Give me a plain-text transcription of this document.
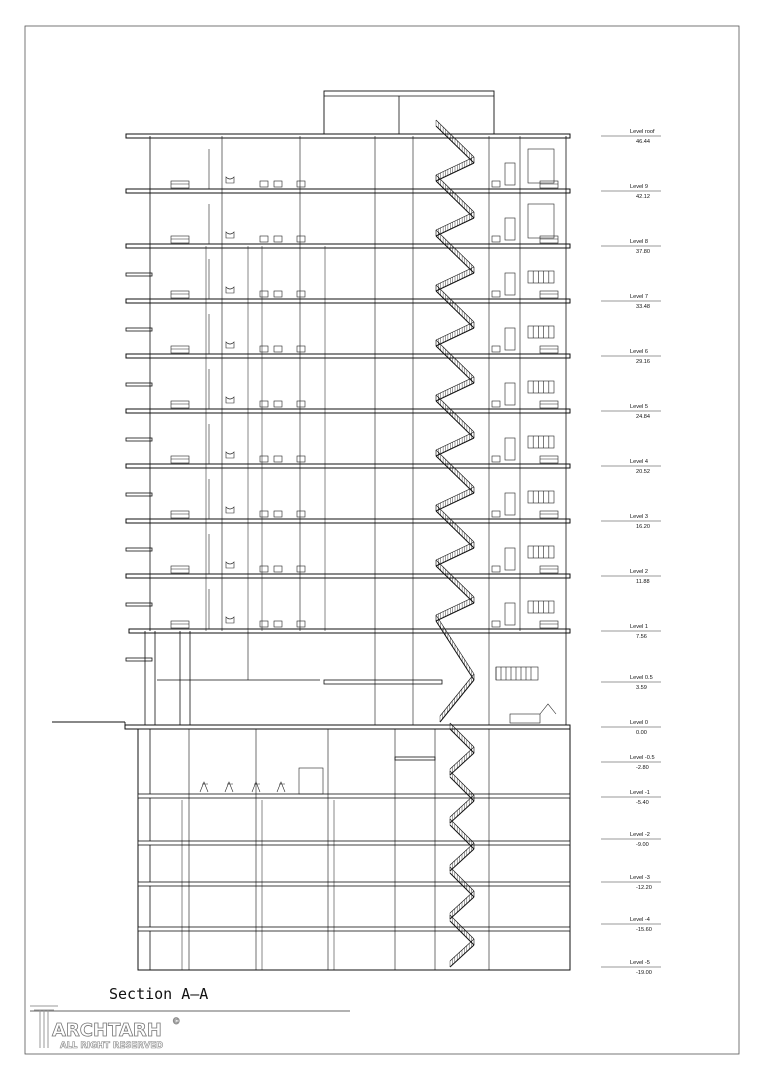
Level roof
46.44
Level 9
42.12
Level 8
37.80
Level 7
33.48
Level 6
29.16
Level 5
24.84
Level 4
20.52
Level 3
16.20
Level 2
11.88
Level 1
7.56
Level 0.5
3.59
Level 0
0.00
Level -0.5
-2.80
Level -1
-5.40
Level -2
-9.00
Level -3
-12.20
Level -4
-15.60
Level -5
-19.00
Section A–A
ARCHTARH ©
ALL RIGHT RESERVED
